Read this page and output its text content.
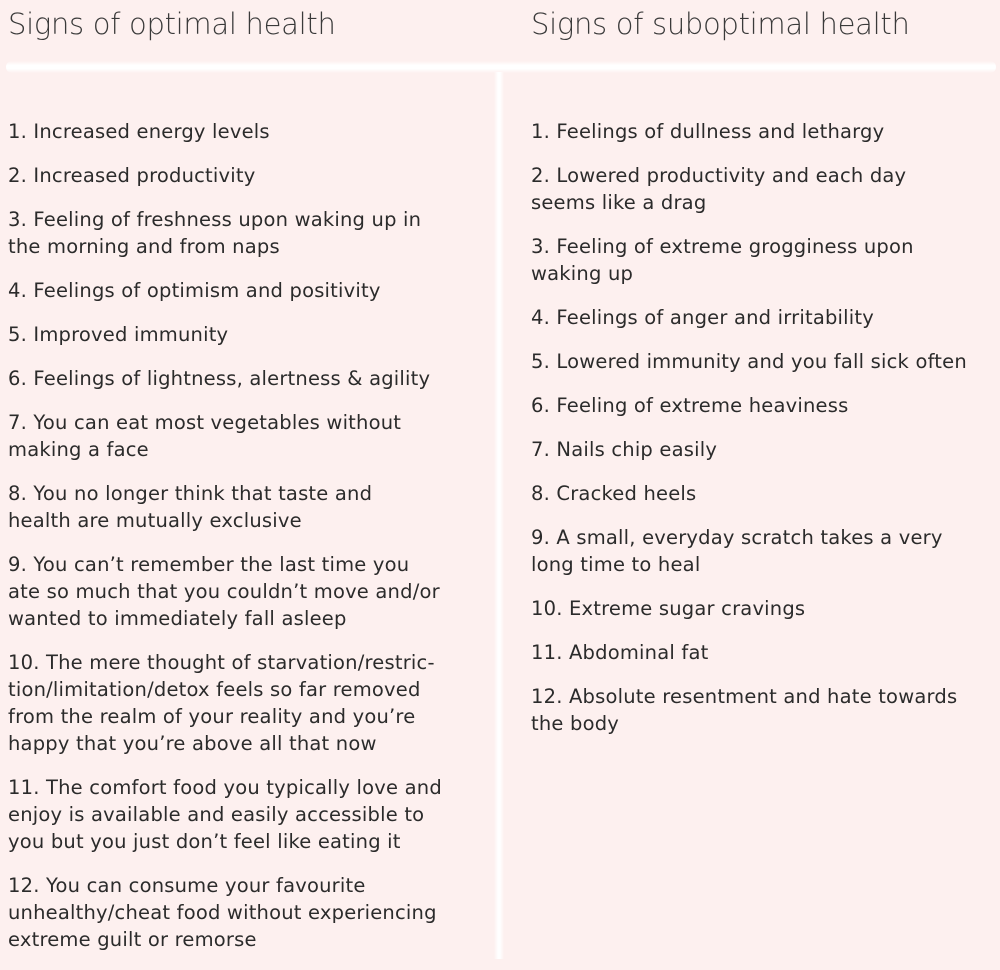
Signs of optimal health	Signs of suboptimal health
1. Increased energy levels
2. Increased productivity
3. Feeling of freshness upon waking up in
the morning and from naps
4. Feelings of optimism and positivity
5. Improved immunity
6. Feelings of lightness, alertness & agility
7. You can eat most vegetables without
making a face
8. You no longer think that taste and
health are mutually exclusive
9. You can’t remember the last time you
ate so much that you couldn’t move and/or
wanted to immediately fall asleep
10. The mere thought of starvation/restric-
tion/limitation/detox feels so far removed
from the realm of your reality and you’re
happy that you’re above all that now
11. The comfort food you typically love and
enjoy is available and easily accessible to
you but you just don’t feel like eating it
12. You can consume your favourite
unhealthy/cheat food without experiencing
extreme guilt or remorse
1. Feelings of dullness and lethargy
2. Lowered productivity and each day
seems like a drag
3. Feeling of extreme grogginess upon
waking up
4. Feelings of anger and irritability
5. Lowered immunity and you fall sick often
6. Feeling of extreme heaviness
7. Nails chip easily
8. Cracked heels
9. A small, everyday scratch takes a very
long time to heal
10. Extreme sugar cravings
11. Abdominal fat
12. Absolute resentment and hate towards
the body
